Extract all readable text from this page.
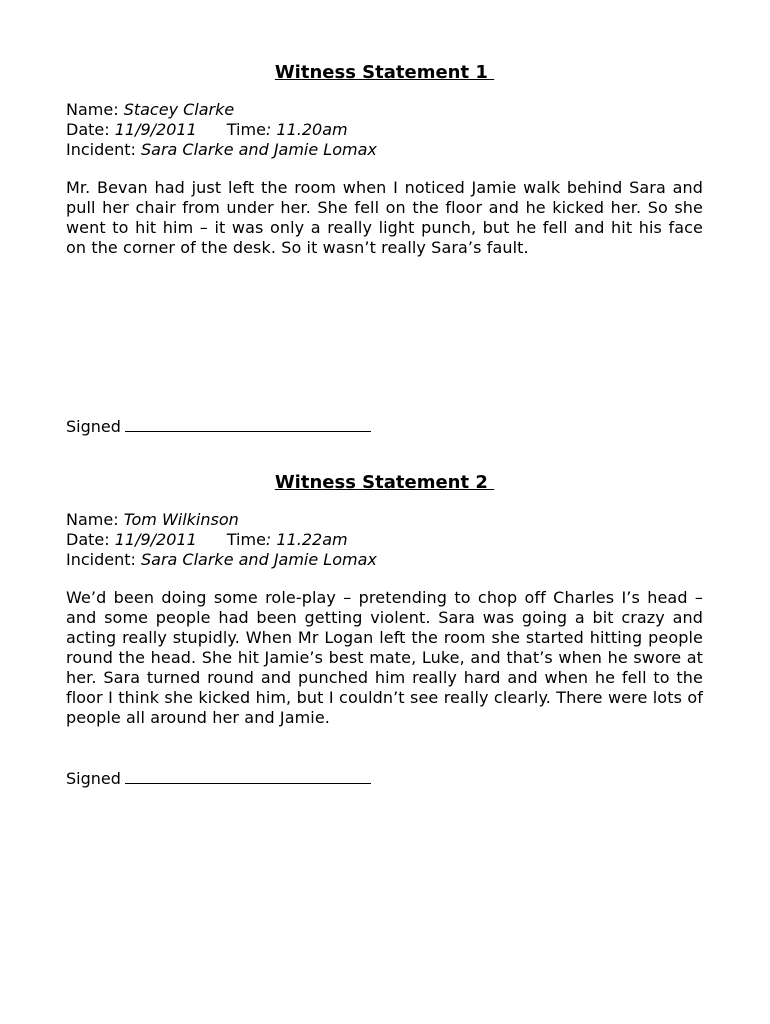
Witness Statement 1

Name: Stacey Clarke

Date: 11/9/2011 Time: 11.20am

Incident: Sara Clarke and Jamie Lomax

Mr. Bevan had just left the room when I noticed Jamie walk behind Sara and pull her chair from under her. She fell on the floor and he kicked her. So she went to hit him – it was only a really light punch, but he fell and hit his face on the corner of the desk. So it wasn’t really Sara’s fault.

Signed

Witness Statement 2

Name: Tom Wilkinson

Date: 11/9/2011 Time: 11.22am

Incident: Sara Clarke and Jamie Lomax

We’d been doing some role-play – pretending to chop off Charles I’s head – and some people had been getting violent. Sara was going a bit crazy and acting really stupidly. When Mr Logan left the room she started hitting people round the head. She hit Jamie’s best mate, Luke, and that’s when he swore at her. Sara turned round and punched him really hard and when he fell to the floor I think she kicked him, but I couldn’t see really clearly. There were lots of people all around her and Jamie.

Signed
